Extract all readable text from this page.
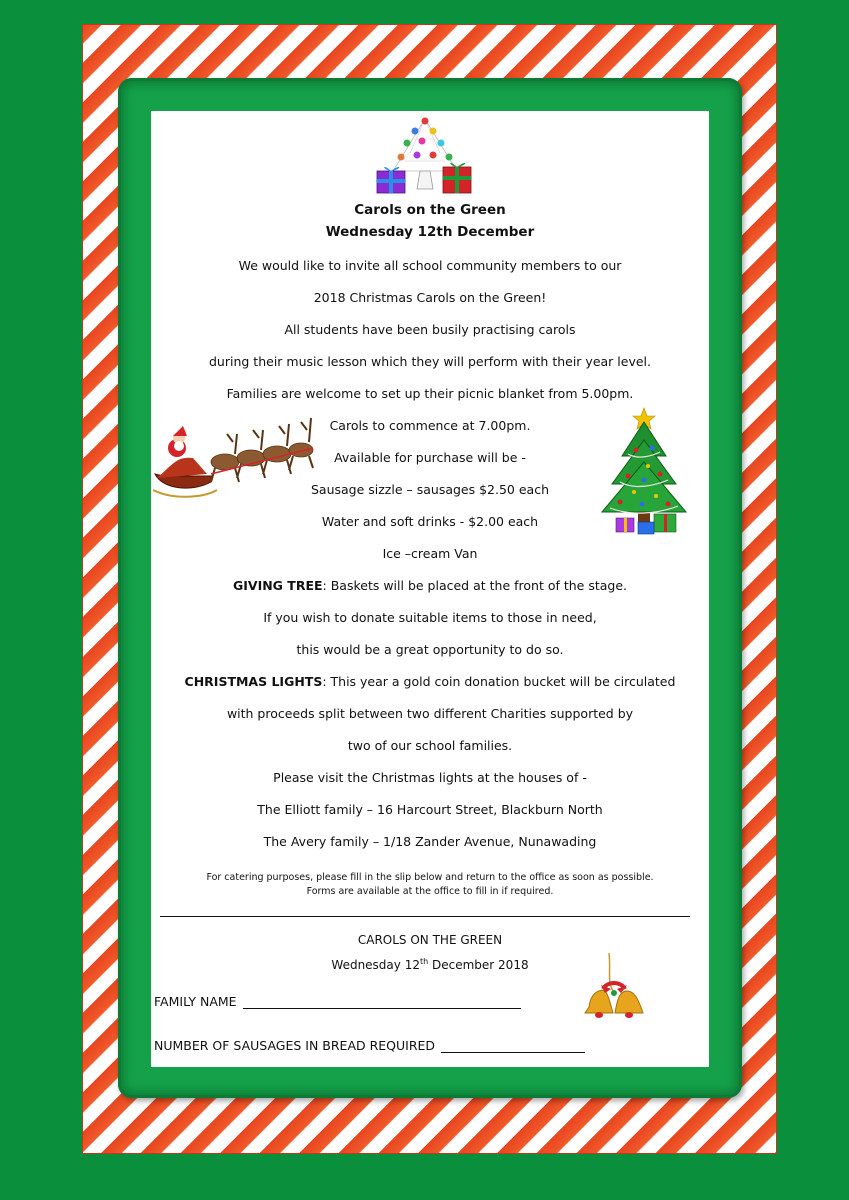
Carols on the Green
Wednesday 12th December
We would like to invite all school community members to our
2018 Christmas Carols on the Green!
All students have been busily practising carols
during their music lesson which they will perform with their year level.
Families are welcome to set up their picnic blanket from 5.00pm.
Carols to commence at 7.00pm.
Available for purchase will be -
Sausage sizzle – sausages $2.50 each
Water and soft drinks - $2.00 each
Ice –cream Van
GIVING TREE: Baskets will be placed at the front of the stage.
If you wish to donate suitable items to those in need,
this would be a great opportunity to do so.
CHRISTMAS LIGHTS: This year a gold coin donation bucket will be circulated
with proceeds split between two different Charities supported by
two of our school families.
Please visit the Christmas lights at the houses of -
The Elliott family – 16 Harcourt Street, Blackburn North
The Avery family – 1/18 Zander Avenue, Nunawading
For catering purposes, please fill in the slip below and return to the office as soon as possible.
Forms are available at the office to fill in if required.
CAROLS ON THE GREEN
Wednesday 12th December 2018
FAMILY NAME
NUMBER OF SAUSAGES IN BREAD REQUIRED
